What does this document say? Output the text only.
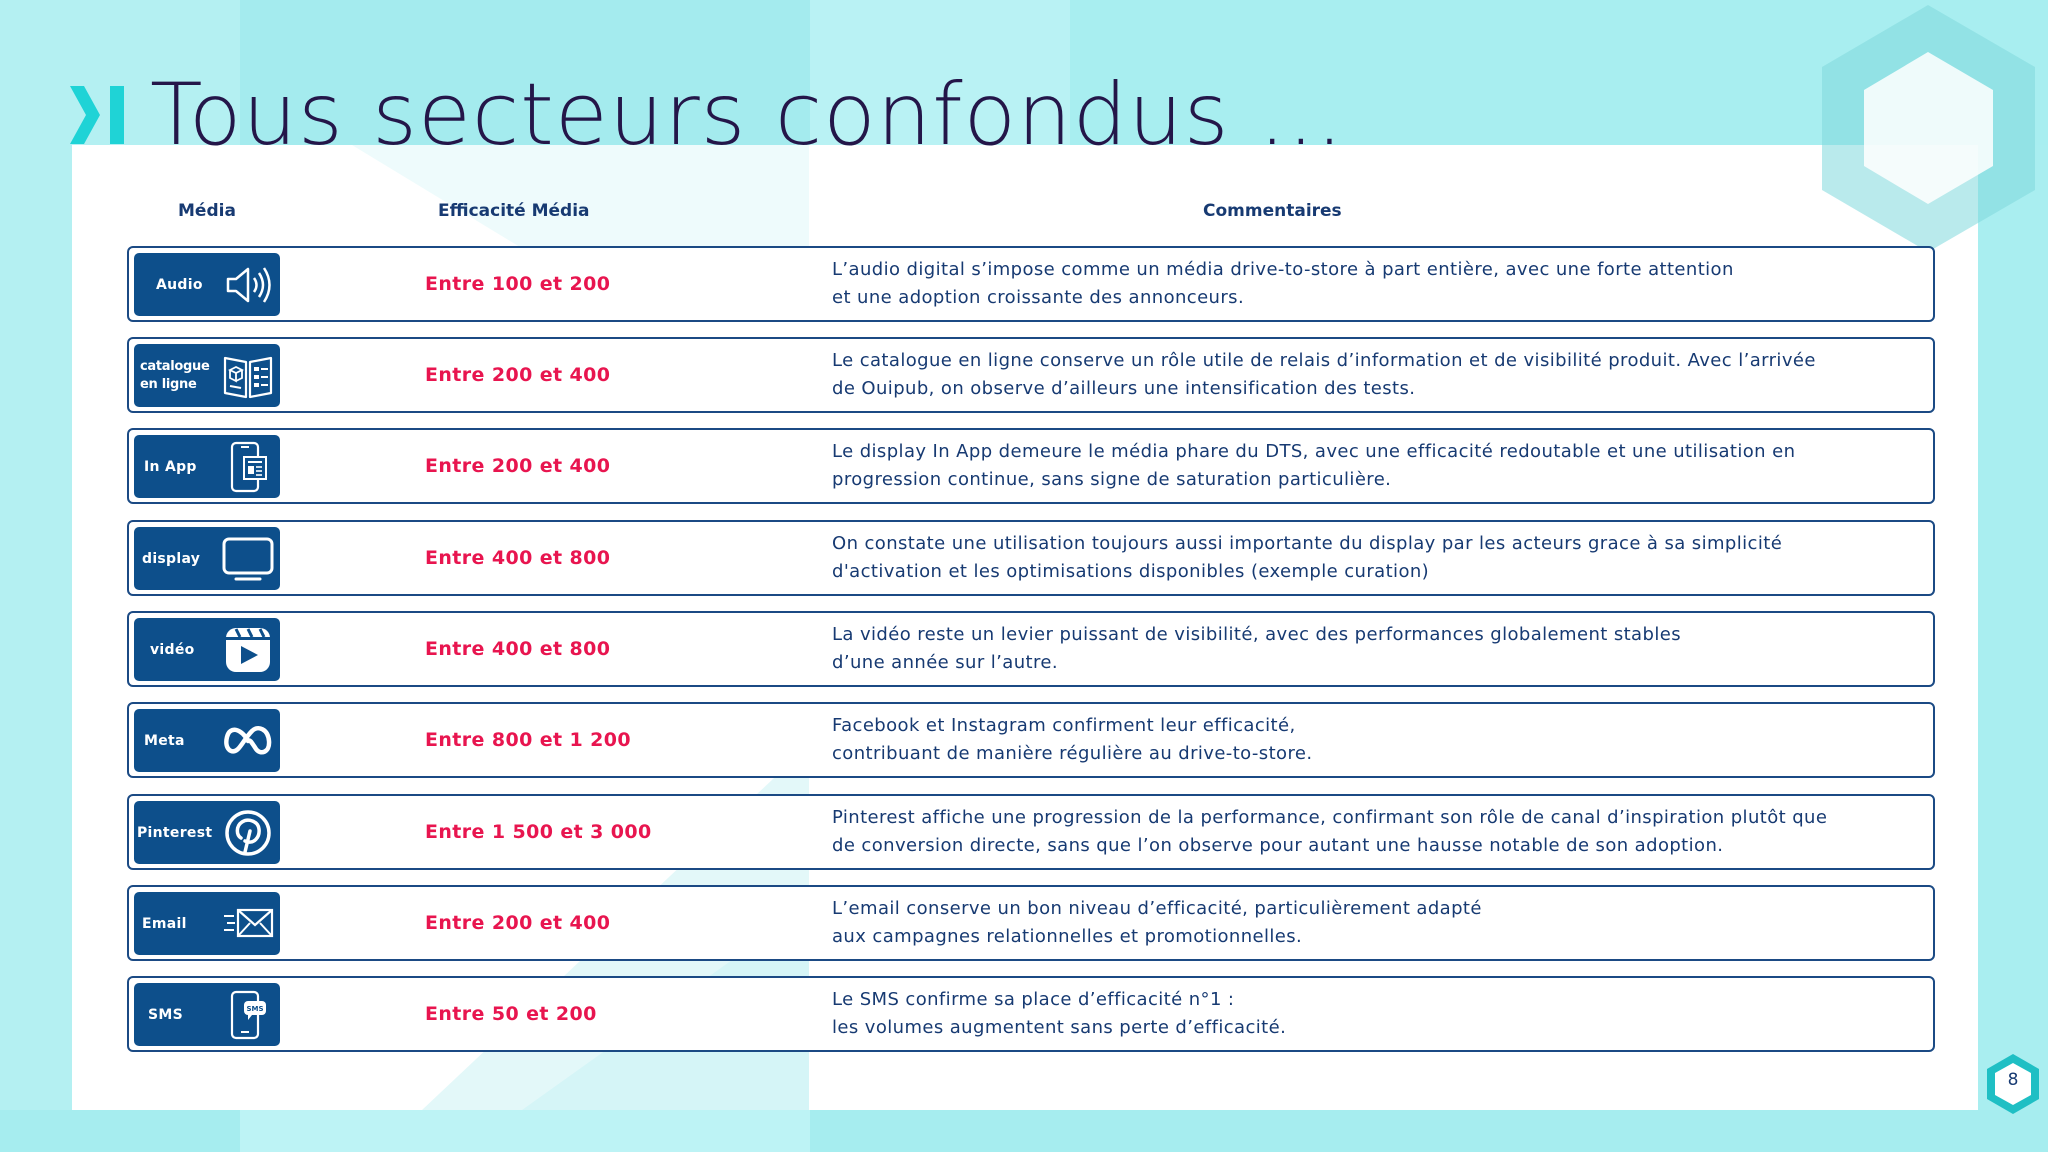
Tous secteurs confondus …
Média	Efficacité Média	Commentaires
Audio	Entre 100 et 200
L’audio digital s’impose comme un média drive-to-store à part entière, avec une forte attention
et une adoption croissante des annonceurs.
catalogue
en ligne	Entre 200 et 400
Le catalogue en ligne conserve un rôle utile de relais d’information et de visibilité produit. Avec l’arrivée
de Ouipub, on observe d’ailleurs une intensification des tests.
In App	Entre 200 et 400
Le display In App demeure le média phare du DTS, avec une efficacité redoutable et une utilisation en
progression continue, sans signe de saturation particulière.
display	Entre 400 et 800
On constate une utilisation toujours aussi importante du display par les acteurs grace à sa simplicité
d'activation et les optimisations disponibles (exemple curation)
vidéo	Entre 400 et 800
La vidéo reste un levier puissant de visibilité, avec des performances globalement stables
d’une année sur l’autre.
Meta	Entre 800 et 1 200
Facebook et Instagram confirment leur efficacité,
contribuant de manière régulière au drive-to-store.
Pinterest	Entre 1 500 et 3 000
Pinterest affiche une progression de la performance, confirmant son rôle de canal d’inspiration plutôt que
de conversion directe, sans que l’on observe pour autant une hausse notable de son adoption.
Email	Entre 200 et 400
L’email conserve un bon niveau d’efficacité, particulièrement adapté
aux campagnes relationnelles et promotionnelles.
SMS	SMS	Entre 50 et 200
Le SMS confirme sa place d’efficacité n°1 :
les volumes augmentent sans perte d’efficacité.
8
